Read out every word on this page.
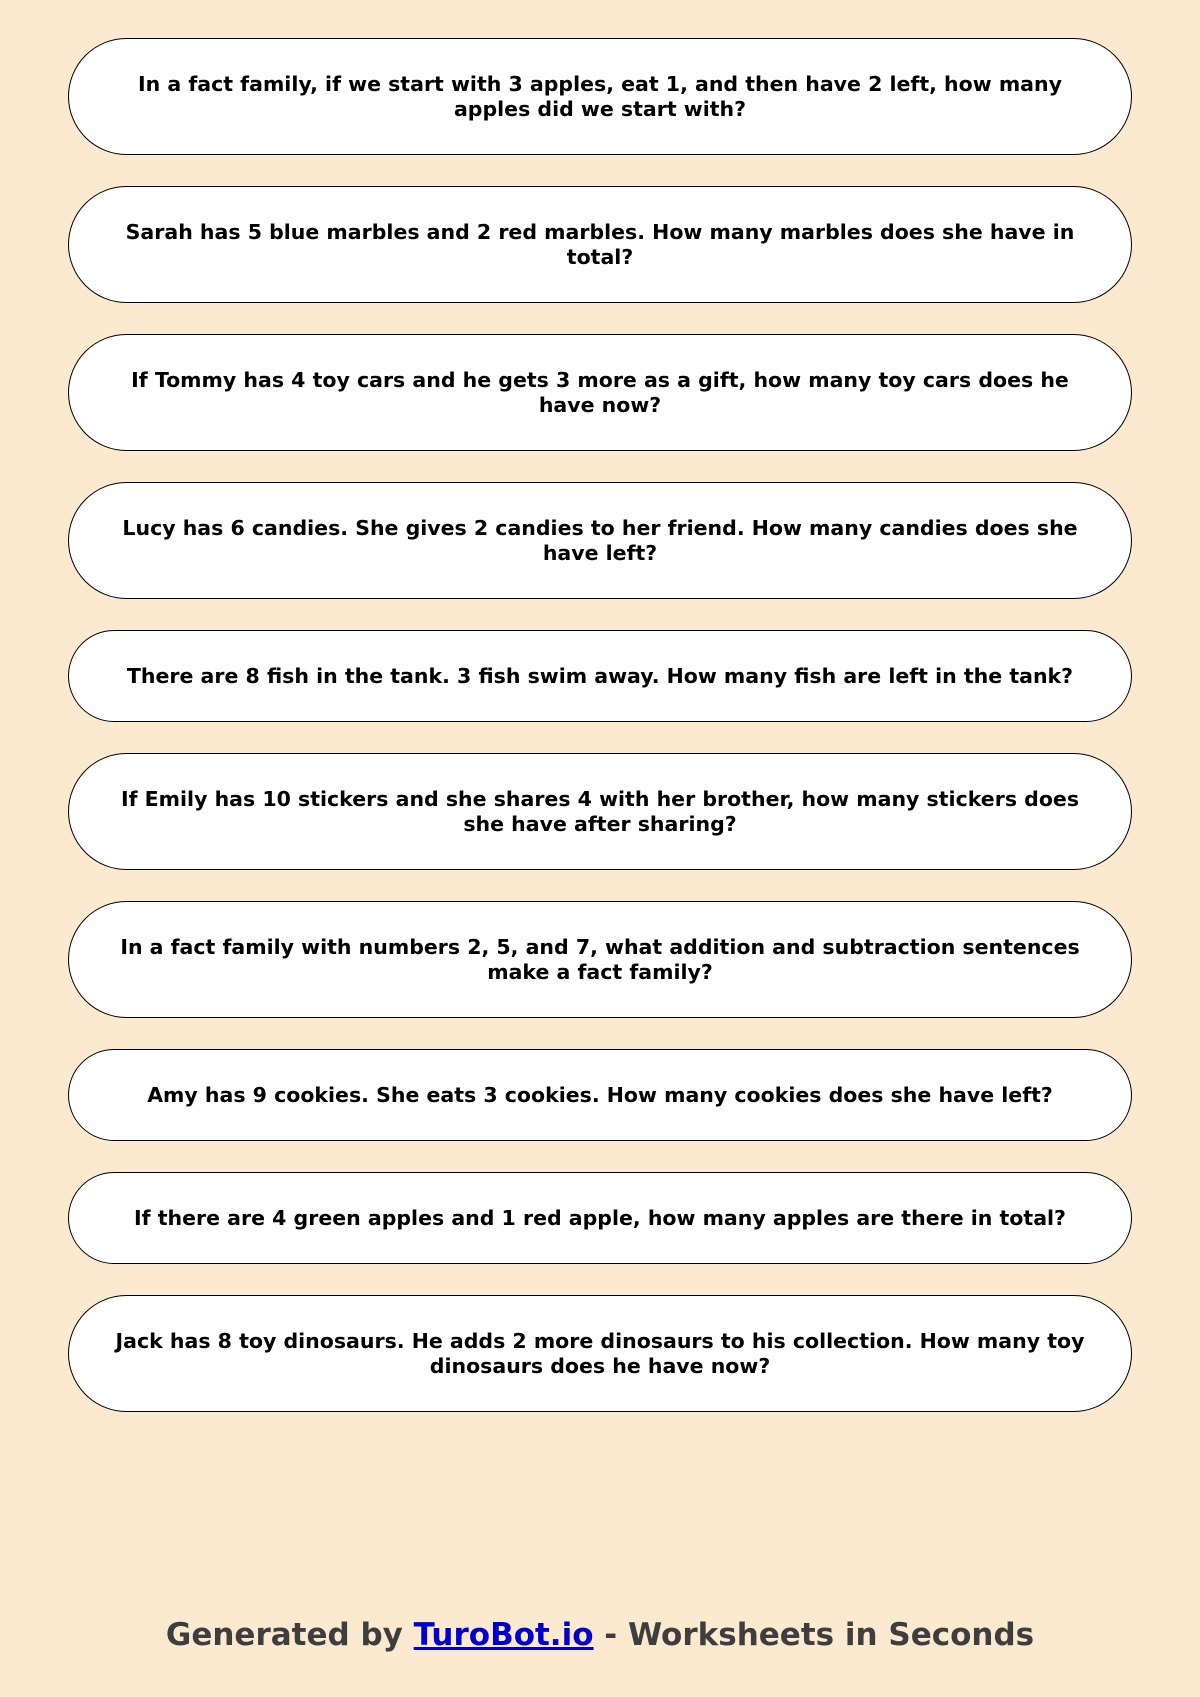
In a fact family, if we start with 3 apples, eat 1, and then have 2 left, how many apples did we start with?
Sarah has 5 blue marbles and 2 red marbles. How many marbles does she have in total?
If Tommy has 4 toy cars and he gets 3 more as a gift, how many toy cars does he have now?
Lucy has 6 candies. She gives 2 candies to her friend. How many candies does she have left?
There are 8 fish in the tank. 3 fish swim away. How many fish are left in the tank?
If Emily has 10 stickers and she shares 4 with her brother, how many stickers does she have after sharing?
In a fact family with numbers 2, 5, and 7, what addition and subtraction sentences make a fact family?
Amy has 9 cookies. She eats 3 cookies. How many cookies does she have left?
If there are 4 green apples and 1 red apple, how many apples are there in total?
Jack has 8 toy dinosaurs. He adds 2 more dinosaurs to his collection. How many toy dinosaurs does he have now?
Generated by TuroBot.io - Worksheets in Seconds
